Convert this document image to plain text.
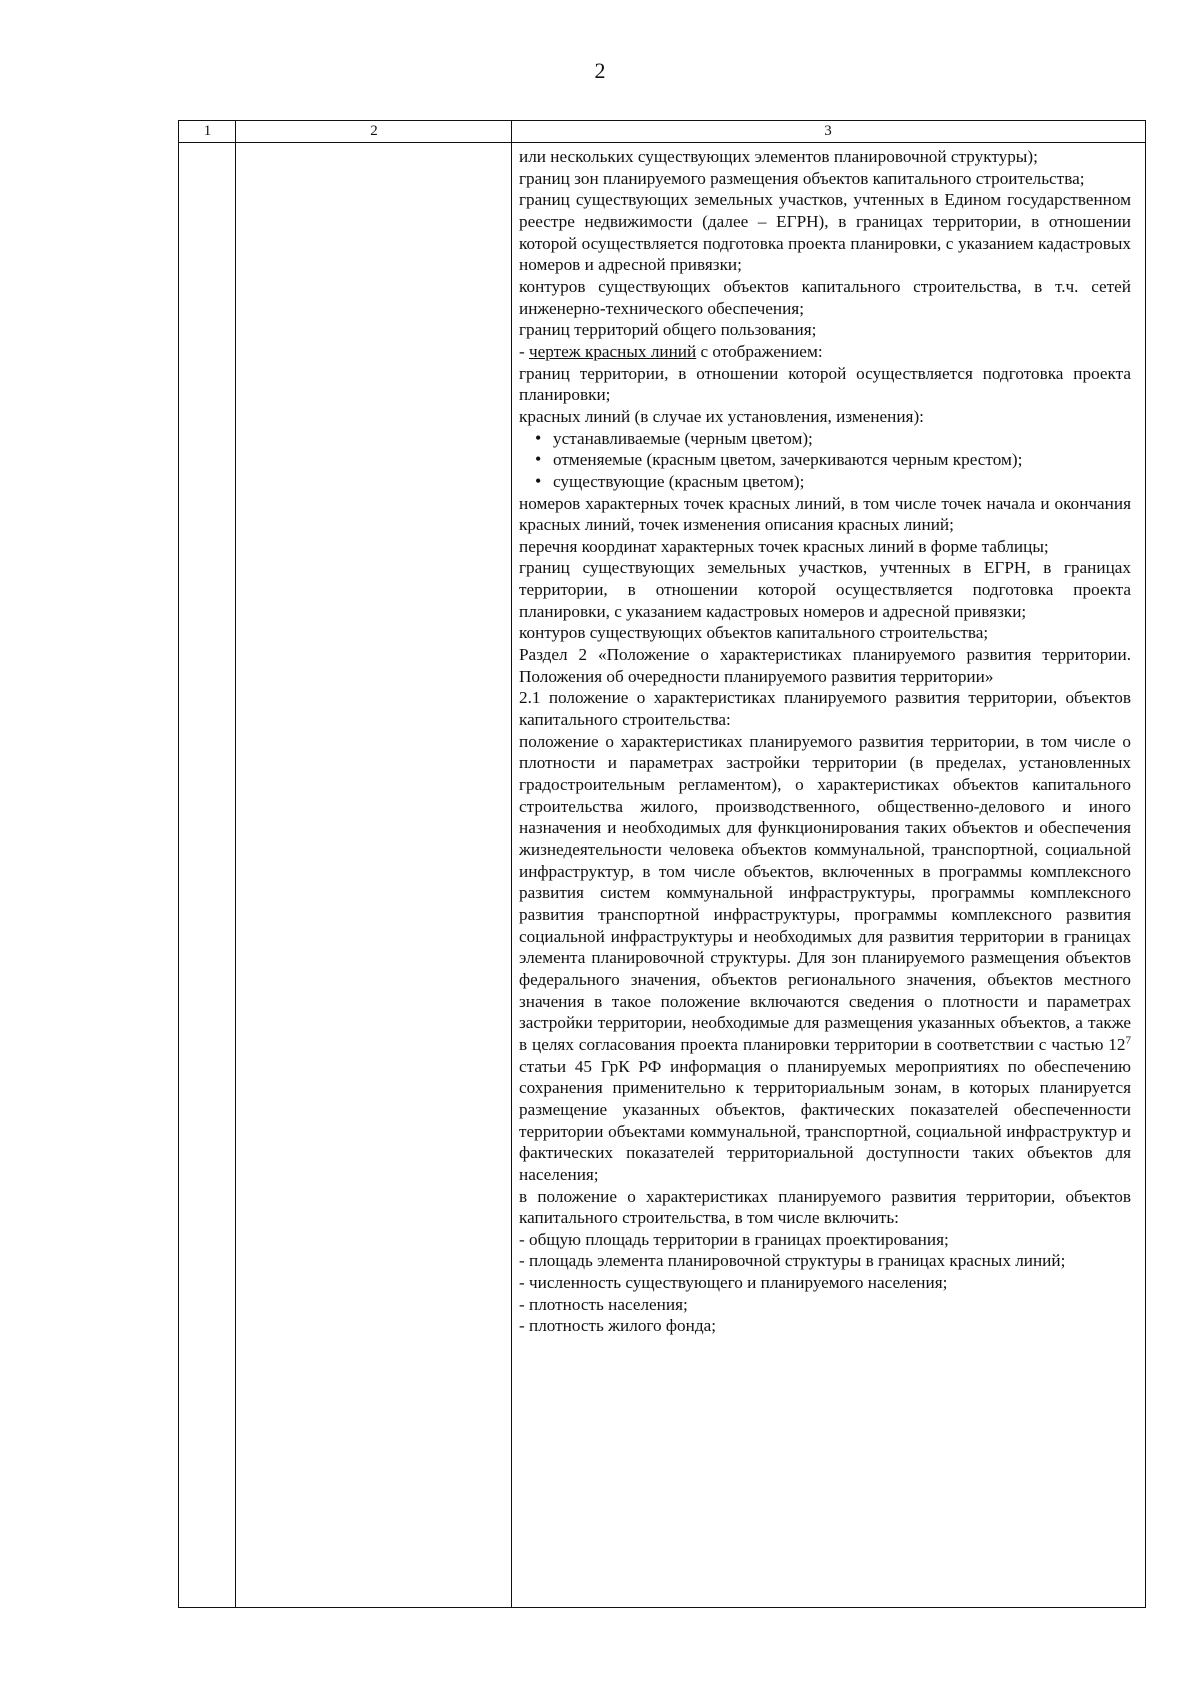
2
1	2	3

или нескольких существующих элементов планировочной структуры);

границ зон планируемого размещения объектов капитального строительства;

границ существующих земельных участков, учтенных в Едином государственном реестре недвижимости (далее – ЕГРН), в границах территории, в отношении которой осуществляется подготовка проекта планировки, с указанием кадастровых номеров и адресной привязки;

контуров существующих объектов капитального строительства, в т.ч. сетей инженерно-технического обеспечения;

границ территорий общего пользования;

- чертеж красных линий с отображением:

границ территории, в отношении которой осуществляется подготовка проекта планировки;

красных линий (в случае их установления, изменения):

• устанавливаемые (черным цветом);
• отменяемые (красным цветом, зачеркиваются черным крестом);
• существующие (красным цветом);

номеров характерных точек красных линий, в том числе точек начала и окончания красных линий, точек изменения описания красных линий;

перечня координат характерных точек красных линий в форме таблицы;

границ существующих земельных участков, учтенных в ЕГРН, в границах территории, в отношении которой осуществляется подготовка проекта планировки, с указанием кадастровых номеров и адресной привязки;

контуров существующих объектов капитального строительства;

Раздел 2 «Положение о характеристиках планируемого развития территории. Положения об очередности планируемого развития территории»

2.1 положение о характеристиках планируемого развития территории, объектов капитального строительства:

положение о характеристиках планируемого развития территории, в том числе о плотности и параметрах застройки территории (в пределах, установленных градостроительным регламентом), о характеристиках объектов капитального строительства жилого, производственного, общественно-делового и иного назначения и необходимых для функционирования таких объектов и обеспечения жизнедеятельности человека объектов коммунальной, транспортной, социальной инфраструктур, в том числе объектов, включенных в программы комплексного развития систем коммунальной инфраструктуры, программы комплексного развития транспортной инфраструктуры, программы комплексного развития социальной инфраструктуры и необходимых для развития территории в границах элемента планировочной структуры. Для зон планируемого размещения объектов федерального значения, объектов регионального значения, объектов местного значения в такое положение включаются сведения о плотности и параметрах застройки территории, необходимые для размещения указанных объектов, а также в целях согласования проекта планировки территории в соответствии с частью $12^7$ статьи 45 ГрК РФ информация о планируемых мероприятиях по обеспечению сохранения применительно к территориальным зонам, в которых планируется размещение указанных объектов, фактических показателей обеспеченности территории объектами коммунальной, транспортной, социальной инфраструктур и фактических показателей территориальной доступности таких объектов для населения;

в положение о характеристиках планируемого развития территории, объектов капитального строительства, в том числе включить:

- общую площадь территории в границах проектирования;

- площадь элемента планировочной структуры в границах красных линий;

- численность существующего и планируемого населения;

- плотность населения;

- плотность жилого фонда;
